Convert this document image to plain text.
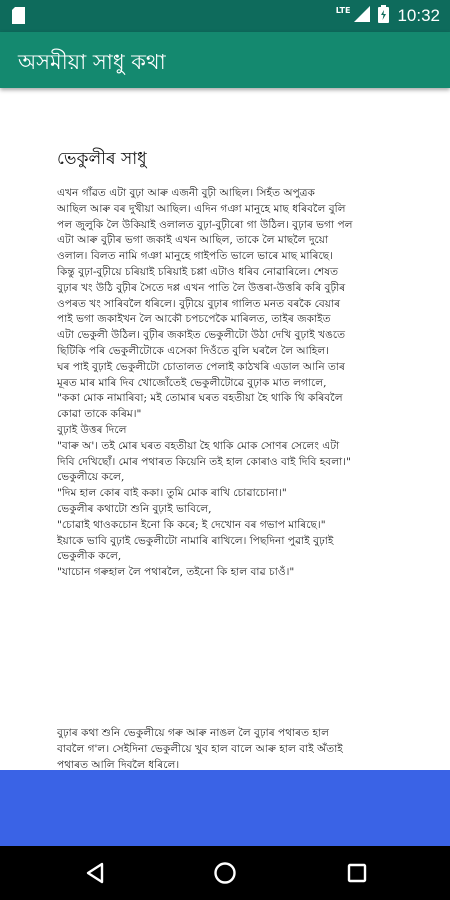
LTE	10:32
অসমীয়া সাধু কথা
ভেকুলীৰ সাধু
এখন গাঁৱত এটা বুঢ়া আৰু এজনী বুঢ়ী আছিল। সিহঁত অপুত্ৰক
আছিল আৰু বৰ দুখীয়া আছিল। এদিন গঞা মানুহে মাছ ধৰিবলৈ বুলি
পল জুলুকি লৈ উকিয়াই ওলালত বুঢ়া-বুঢ়ীৰো গা উঠিল। বুঢ়াৰ ভগা পল
এটা আৰু বুঢ়ীৰ ভগা জকাই এখন আছিল, তাকে লৈ মাছলৈ দুয়ো
ওলাল। বিলত নামি গঞা মানুহে গাইপতি ভালে ভাৰে মাছ মাৰিছে।
কিন্তু বুঢ়া-বুঢ়ীয়ে চৰিয়াই চৰিয়াই চপ্পা এটাও ধৰিব নোৱাৰিলে। শেষত
বুঢ়াৰ খং উঠি বুঢ়ীৰ সৈতে দপ্প এখন পাতি লৈ উত্তৰা-উত্তৰি কৰি বুঢ়ীৰ
ওপৰত খং সাৰিবলৈ ধৰিলে। বুঢ়ীয়ে বুঢ়াৰ গালিত মনত বৰকৈ বেয়াৰ
পাই ভগা জকাইখন লৈ আকৌ চপচপেকৈ মাৰিলত, তাইৰ জকাইত
এটা ভেকুলী উঠিল। বুঢ়ীৰ জকাইত ভেকুলীটো উঠা দেখি বুঢ়াই খঙতে
ছিটিকি পৰি ভেকুলীটোকে এসেকা দিওঁতে বুলি ঘৰলৈ লৈ আহিল।
ঘৰ পাই বুঢ়াই ভেকুলীটো চোতালত পেলাই কাঠখৰি এডাল আনি তাৰ
মূৰত মাৰ মাৰি দিব খোজোঁতেই ভেকুলীটোৱে বুঢ়াক মাত লগালে,
"ককা মোক নামাৰিবা; মই তোমাৰ ঘৰত বহতীয়া হৈ থাকি থি কৰিবলৈ
কোৱা তাকে কৰিম।"
বুঢ়াই উত্তৰ দিলে
"বাৰু অ'। তই মোৰ ঘৰত বহতীয়া হৈ থাকি মোক সোণৰ সেলেং এটা
দিবি দেখিছোঁ। মোৰ পথাৰত কিয়েনি তই হাল কোৰাও বাই দিবি হবলা।"
ভেকুলীয়ে কলে,
"দিম হাল কোৰ বাই ককা। তুমি মোক ৰাখি চোৱাচোনা।"
ভেকুলীৰ কথাটো শুনি বুঢ়াই ভাবিলে,
"চোৱাই থাওকচোন ইনো কি কৰে; ই দেখোন বৰ গভাপ মাৰিছে।"
ইয়াকে ভাবি বুঢ়াই ভেকুলীটো নামাৰি ৰাখিলে। পিছদিনা পুৱাই বুঢ়াই
ভেকুলীক কলে,
"যাচোন গৰুহাল লৈ পথাৰলৈ, তইনো কি হাল বাৱ চাওঁ।"
বুঢ়াৰ কথা শুনি ভেকুলীয়ে গৰু আৰু নাঙল লৈ বুঢ়াৰ পথাৰত হাল
বাবলৈ গ'ল। সেইদিনা ভেকুলীয়ে খুব হাল বালে আৰু হাল বাই অঁতাই
পথাৰত আলি দিবলৈ ধৰিলে।
